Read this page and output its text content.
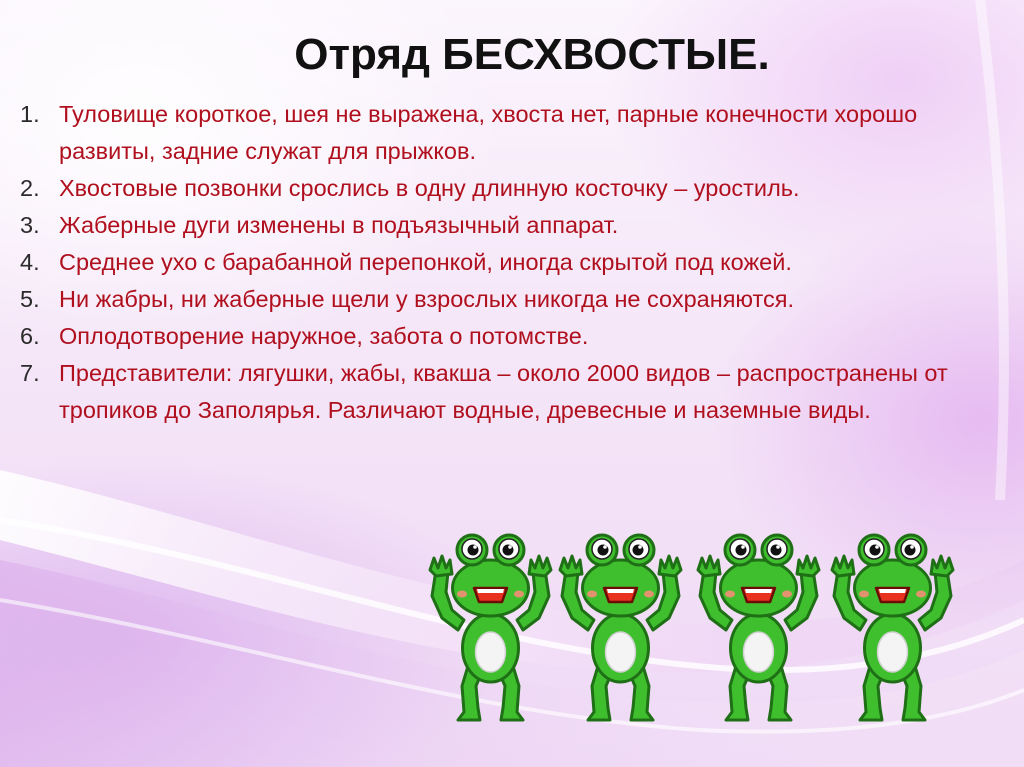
Отряд БЕСХВОСТЫЕ.
1. Туловище короткое, шея не выражена, хвоста нет, парные конечности хорошо развиты, задние служат для прыжков.
2. Хвостовые позвонки срослись в одну длинную косточку – уростиль.
3. Жаберные дуги изменены в подъязычный аппарат.
4. Среднее ухо с барабанной перепонкой, иногда скрытой под кожей.
5. Ни жабры, ни жаберные щели у взрослых никогда не сохраняются.
6. Оплодотворение наружное, забота о потомстве.
7. Представители: лягушки, жабы, квакша – около 2000 видов – распространены от тропиков до Заполярья. Различают водные, древесные и наземные виды.
